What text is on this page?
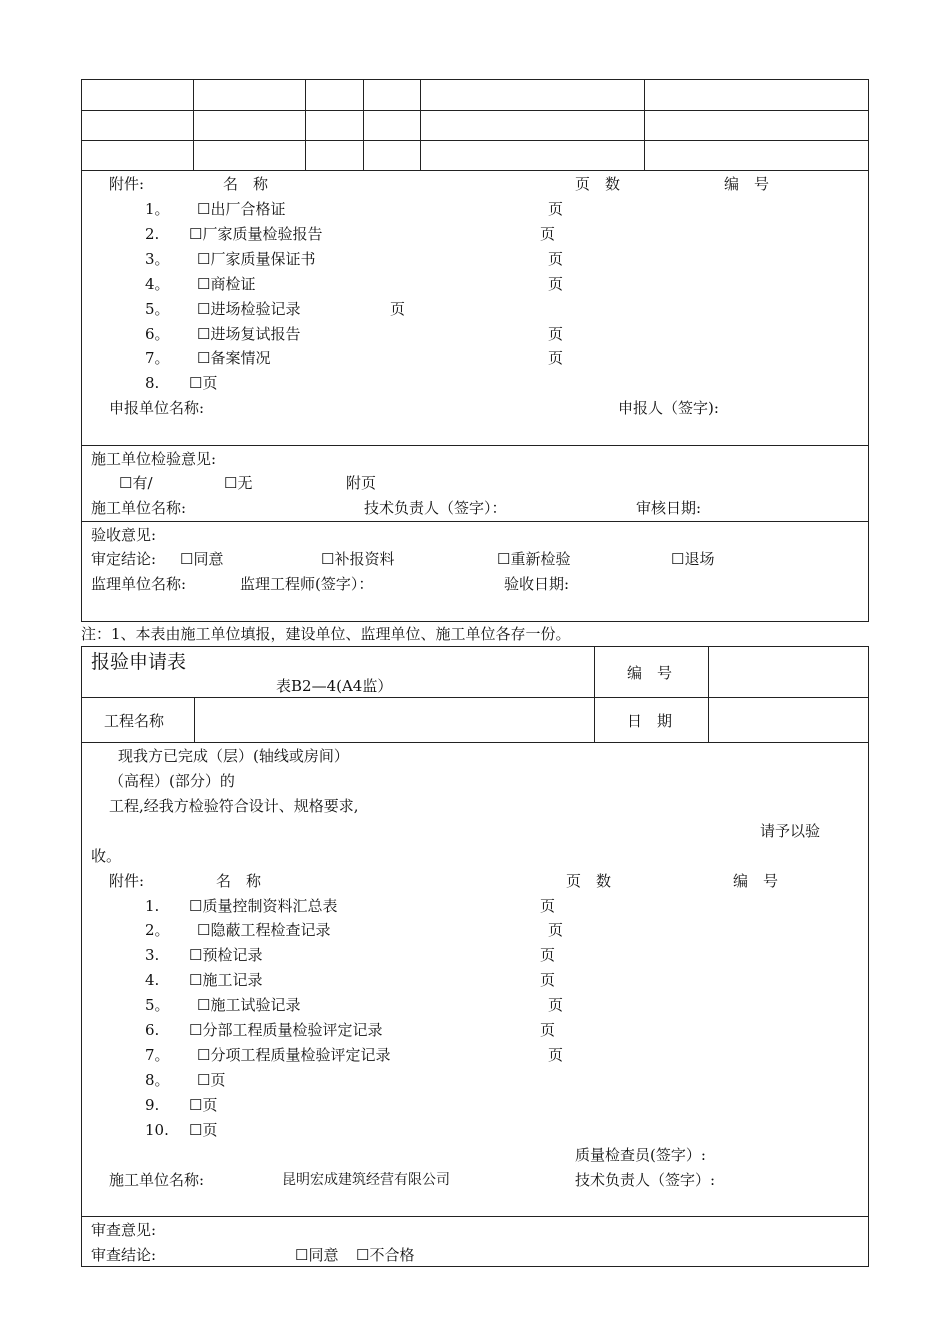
附件:	名　称	页　数	编　号
1。 ☐出厂合格证	页
2. ☐厂家质量检验报告	页
3。 ☐厂家质量保证书	页
4。 ☐商检证	页
5。 ☐进场检验记录	页
6。 ☐进场复试报告	页
7。 ☐备案情况	页
8. ☐页
申报单位名称:	申报人（签字):
施工单位检验意见:
☐有/	☐无	附页
施工单位名称:	技术负责人（签字）：	审核日期:
验收意见:
审定结论: ☐同意	☐补报资料	☐重新检验	☐退场
监理单位名称:	监理工程师(签字）：	验收日期:
注：1、本表由施工单位填报，建设单位、监理单位、施工单位各存一份。
报验申请表
表B2—4(A4监）
编　号
工程名称	日　期
现我方已完成（层）(轴线或房间）
（高程）(部分）的
工程,经我方检验符合设计、规格要求,
请予以验
收。
附件:	名　称	页　数	编　号
1. ☐质量控制资料汇总表	页
2。 ☐隐蔽工程检查记录	页
3. ☐预检记录	页
4. ☐施工记录	页
5。 ☐施工试验记录	页
6. ☐分部工程质量检验评定记录	页
7。 ☐分项工程质量检验评定记录	页
8。 ☐页
9. ☐页
10. ☐页
质量检查员(签字）:
施工单位名称:	昆明宏成建筑经营有限公司	技术负责人（签字）:
审查意见:
审查结论:	☐同意 ☐不合格
